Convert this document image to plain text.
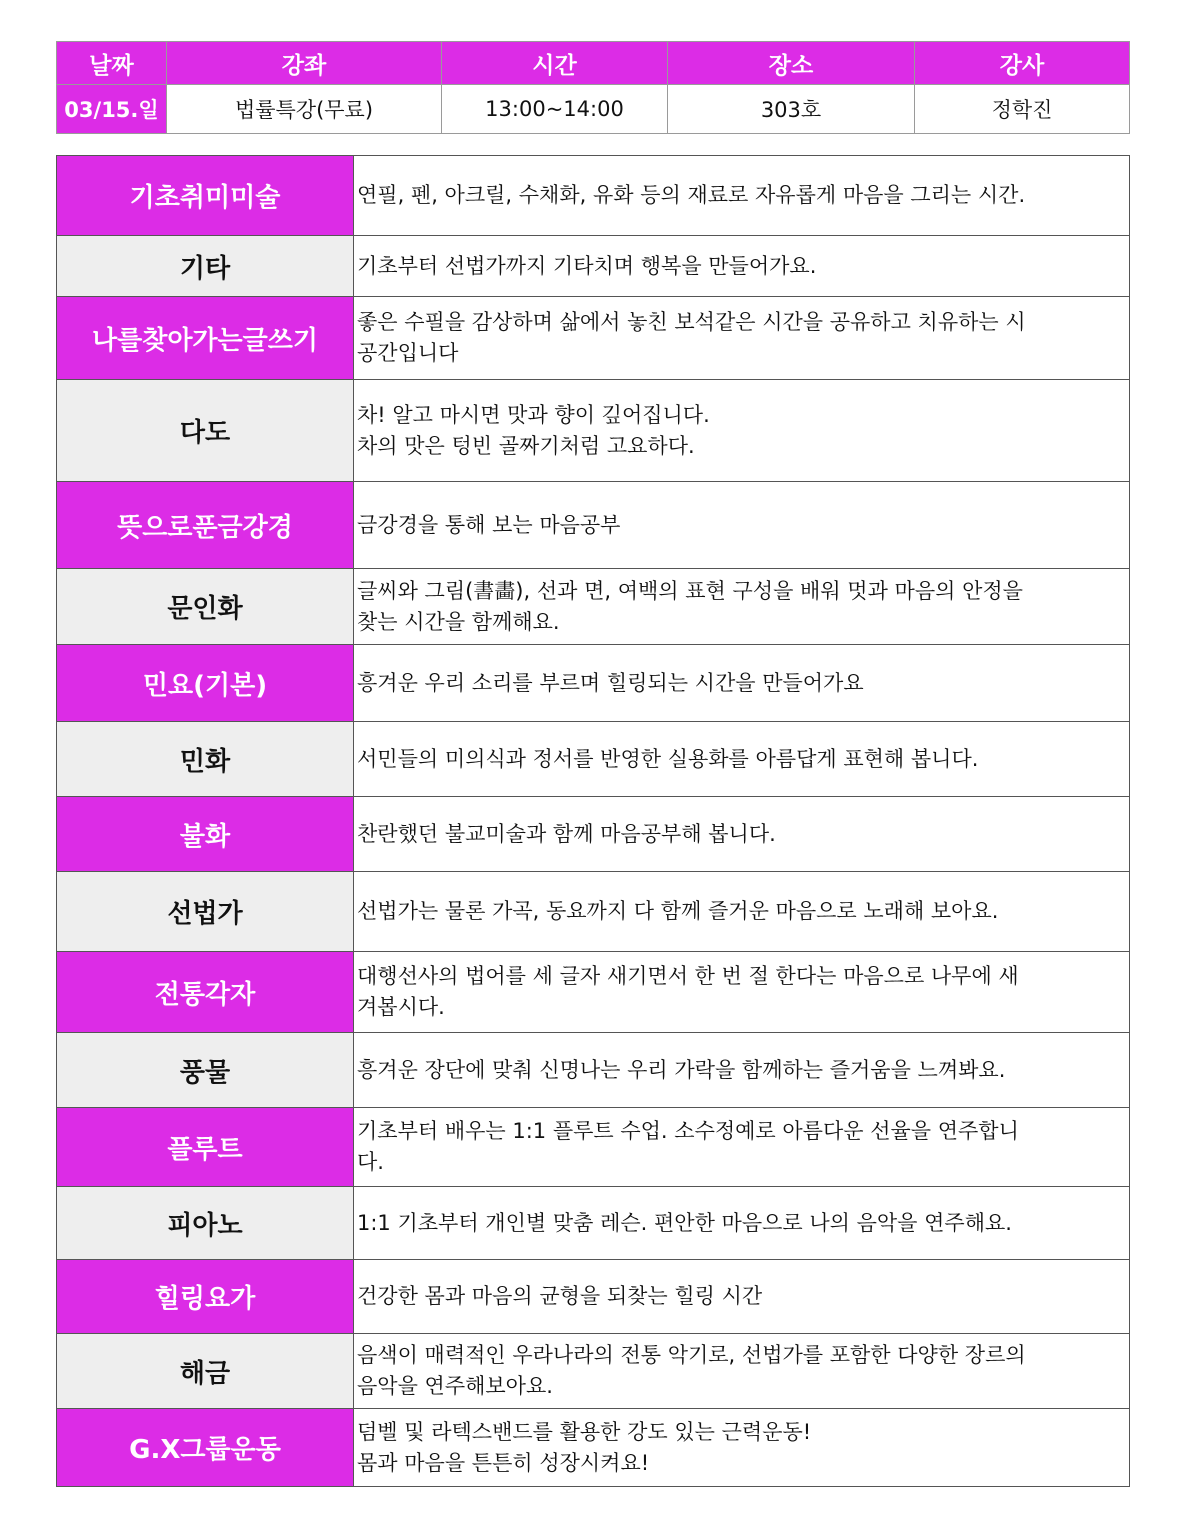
날짜	강좌	시간	장소	강사
03/15.일	법률특강(무료)	13:00~14:00	303호	정학진
기초취미미술	연필, 펜, 아크릴, 수채화, 유화 등의 재료로 자유롭게 마음을 그리는 시간.

기타	기초부터 선법가까지 기타치며 행복을 만들어가요.

나를찾아가는글쓰기	좋은 수필을 감상하며 삶에서 놓친 보석같은 시간을 공유하고 치유하는 시
공간입니다

다도	차! 알고 마시면 맛과 향이 깊어집니다.
차의 맛은 텅빈 골짜기처럼 고요하다.

뜻으로푼금강경	금강경을 통해 보는 마음공부

문인화	글씨와 그림(書畵), 선과 면, 여백의 표현 구성을 배워 멋과 마음의 안정을
찾는 시간을 함께해요.

민요(기본)	흥겨운 우리 소리를 부르며 힐링되는 시간을 만들어가요

민화	서민들의 미의식과 정서를 반영한 실용화를 아름답게 표현해 봅니다.

불화	찬란했던 불교미술과 함께 마음공부해 봅니다.

선법가	선법가는 물론 가곡, 동요까지 다 함께 즐거운 마음으로 노래해 보아요.

전통각자	대행선사의 법어를 세 글자 새기면서 한 번 절 한다는 마음으로 나무에 새
겨봅시다.

풍물	흥겨운 장단에 맞춰 신명나는 우리 가락을 함께하는 즐거움을 느껴봐요.

플루트	기초부터 배우는 1:1 플루트 수업. 소수정예로 아름다운 선율을 연주합니
다.

피아노	1:1 기초부터 개인별 맞춤 레슨. 편안한 마음으로 나의 음악을 연주해요.

힐링요가	건강한 몸과 마음의 균형을 되찾는 힐링 시간

해금	음색이 매력적인 우라나라의 전통 악기로, 선법가를 포함한 다양한 장르의
음악을 연주해보아요.

G.X그룹운동	덤벨 및 라텍스밴드를 활용한 강도 있는 근력운동!
몸과 마음을 튼튼히 성장시켜요!
